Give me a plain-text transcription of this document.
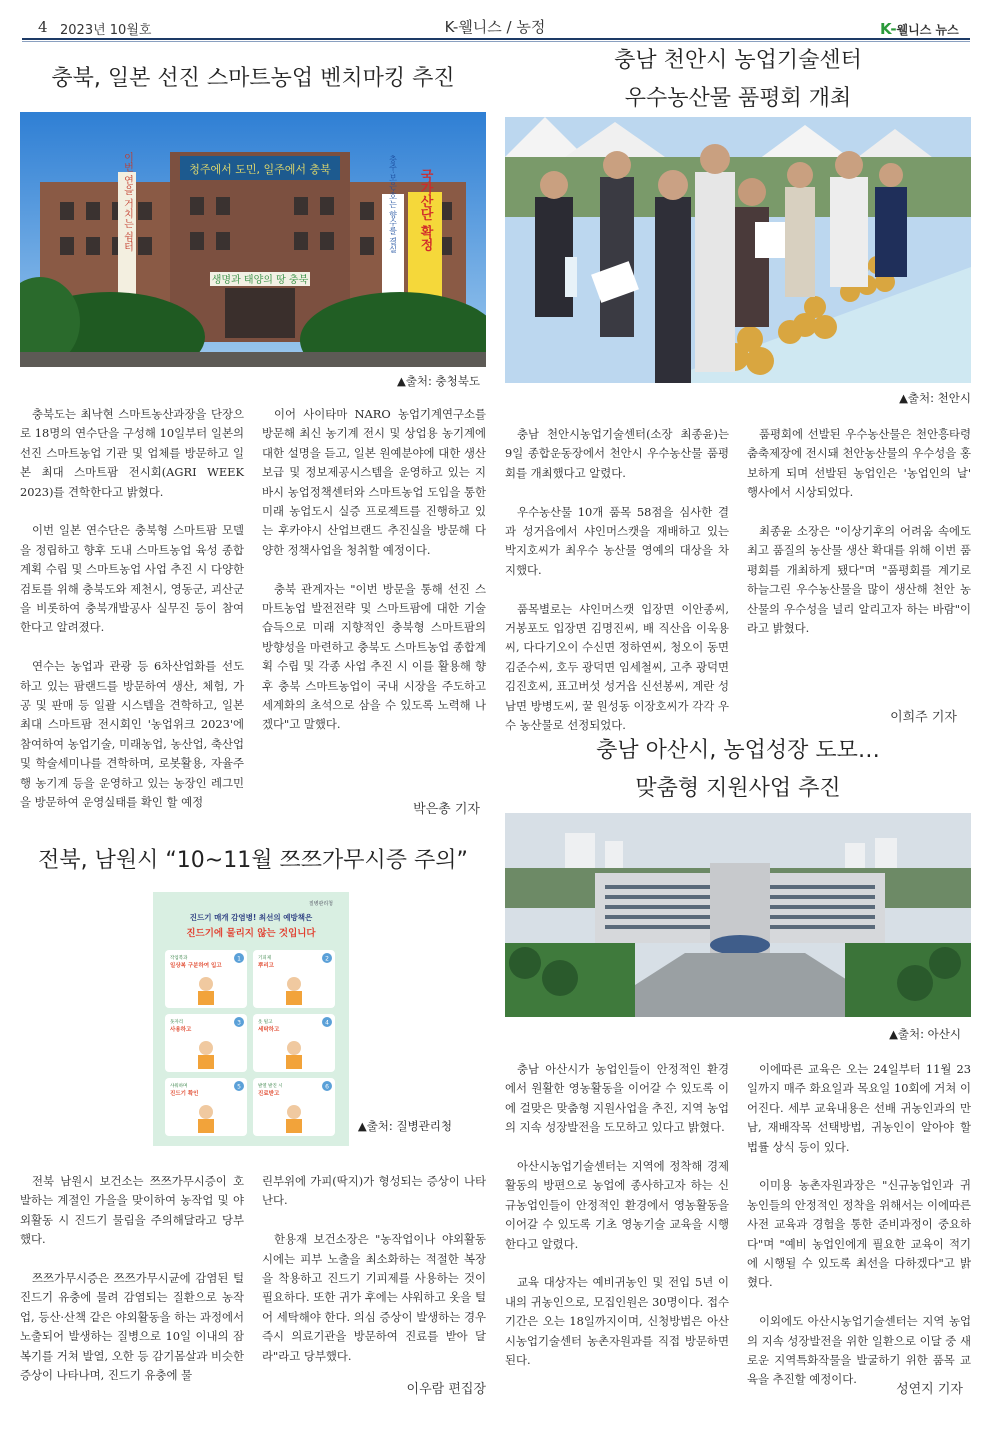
4 2023년 10월호	K-웰니스 / 농정	K-웰니스 뉴스
충북, 일본 선진 스마트농업 벤치마킹 추진
청주에서 도민, 일주에서 충북
이번 연을 거치는 쉼터	충주·보은·호는 향수를 결실 국가산단 확정
생명과 태양의 땅 충북
▲출처: 충청북도

충북도는 최낙현 스마트농산과장을 단장으로 18명의 연수단을 구성해 10일부터 일본의 선진 스마트농업 기관 및 업체를 방문하고 일본 최대 스마트팜 전시회(AGRI WEEK 2023)를 견학한다고 밝혔다.

이번 일본 연수단은 충북형 스마트팜 모델을 정립하고 향후 도내 스마트농업 육성 종합계획 수립 및 스마트농업 사업 추진 시 다양한 검토를 위해 충북도와 제천시, 영동군, 괴산군을 비롯하여 충북개발공사 실무진 등이 참여한다고 알려졌다.

연수는 농업과 관광 등 6차산업화를 선도하고 있는 팜랜드를 방문하여 생산, 체험, 가공 및 판매 등 일괄 시스템을 견학하고, 일본 최대 스마트팜 전시회인 '농업위크 2023'에 참여하여 농업기술, 미래농업, 농산업, 축산업 및 학술세미나를 견학하며, 로봇활용, 자율주행 농기계 등을 운영하고 있는 농장인 레그민을 방문하여 운영실태를 확인 할 예정

이어 사이타마 NARO 농업기계연구소를 방문해 최신 농기계 전시 및 상업용 농기계에 대한 설명을 듣고, 일본 원예분야에 대한 생산보급 및 정보제공시스템을 운영하고 있는 지바시 농업정책센터와 스마트농업 도입을 통한 미래 농업도시 실증 프로젝트를 진행하고 있는 후카야시 산업브랜드 추진실을 방문해 다양한 정책사업을 청취할 예정이다.

충북 관계자는 "이번 방문을 통해 선진 스마트농업 발전전략 및 스마트팜에 대한 기술 습득으로 미래 지향적인 충북형 스마트팜의 방향성을 마련하고 충북도 스마트농업 종합계획 수립 및 각종 사업 추진 시 이를 활용해 향후 충북 스마트농업이 국내 시장을 주도하고 세계화의 초석으로 삼을 수 있도록 노력해 나겠다"고 말했다.

박은총 기자
충남 천안시 농업기술센터
우수농산물 품평회 개최
▲출처: 천안시

충남 천안시농업기술센터(소장 최종윤)는 9일 종합운동장에서 천안시 우수농산물 품평회를 개최했다고 알렸다.

우수농산물 10개 품목 58점을 심사한 결과 성거읍에서 샤인머스캣을 재배하고 있는 박지호씨가 최우수 농산물 영예의 대상을 차지했다.

품목별로는 샤인머스캣 입장면 이안종씨, 거봉포도 입장면 김명진씨, 배 직산읍 이욱용씨, 다다기오이 수신면 정하연씨, 청오이 동면 김준수씨, 호두 광덕면 임세철씨, 고추 광덕면 김진호씨, 표고버섯 성거읍 신선봉씨, 계란 성남면 방병도씨, 꿀 원성동 이장호씨가 각각 우수 농산물로 선정되었다.

품평회에 선발된 우수농산물은 천안흥타령춤축제장에 전시돼 천안농산물의 우수성을 홍보하게 되며 선발된 농업인은 '농업인의 날' 행사에서 시상되었다.

최종윤 소장은 "이상기후의 어려움 속에도 최고 품질의 농산물 생산 확대를 위해 이번 품평회를 개최하게 됐다"며 "품평회를 계기로 하늘그린 우수농산물을 많이 생산해 천안 농산물의 우수성을 널리 알리고자 하는 바람"이라고 밝혔다.

이희주 기자
전북, 남원시 “10~11월 쯔쯔가무시증 주의”
질병관리청
진드기 매개 감염병! 최선의 예방책은
진드기에 물리지 않는 것입니다
1
작업복과
일상복 구분하여 입고
2
기피제
뿌리고
3
돗자리
사용하고
4
옷 털고
세탁하고
5
샤워하며
진드기 확인
6
발열 발진 시
진료받고
▲출처: 질병관리청

전북 남원시 보건소는 쯔쯔가무시증이 호발하는 계절인 가을을 맞이하여 농작업 및 야외활동 시 진드기 물림을 주의해달라고 당부했다.

쯔쯔가무시증은 쯔쯔가무시균에 감염된 털진드기 유충에 물려 감염되는 질환으로 농작업, 등산·산책 같은 야외활동을 하는 과정에서 노출되어 발생하는 질병으로 10일 이내의 잠복기를 거쳐 발열, 오한 등 감기몸살과 비슷한 증상이 나타나며, 진드기 유충에 물

린부위에 가피(딱지)가 형성되는 증상이 나타난다.

한용재 보건소장은 "농작업이나 야외활동 시에는 피부 노출을 최소화하는 적절한 복장을 착용하고 진드기 기피제를 사용하는 것이 필요하다. 또한 귀가 후에는 샤워하고 옷을 털어 세탁해야 한다. 의심 증상이 발생하는 경우 즉시 의료기관을 방문하여 진료를 받아 달라"라고 당부했다.

이우람 편집장
충남 아산시, 농업성장 도모…
맞춤형 지원사업 추진
▲출처: 아산시

충남 아산시가 농업인들이 안정적인 환경에서 원활한 영농활동을 이어갈 수 있도록 이에 걸맞은 맞춤형 지원사업을 추진, 지역 농업의 지속 성장발전을 도모하고 있다고 밝혔다.

아산시농업기술센터는 지역에 정착해 경제활동의 방편으로 농업에 종사하고자 하는 신규농업인들이 안정적인 환경에서 영농활동을 이어갈 수 있도록 기초 영농기술 교육을 시행한다고 알렸다.

교육 대상자는 예비귀농인 및 전입 5년 이내의 귀농인으로, 모집인원은 30명이다. 접수기간은 오는 18일까지이며, 신청방법은 아산시농업기술센터 농촌자원과를 직접 방문하면 된다.

이에따른 교육은 오는 24일부터 11월 23일까지 매주 화요일과 목요일 10회에 거쳐 이어진다. 세부 교육내용은 선배 귀농인과의 만남, 재배작목 선택방법, 귀농인이 알아야 할 법률 상식 등이 있다.

이미용 농촌자원과장은 "신규농업인과 귀농인들의 안정적인 정착을 위해서는 이에따른 사전 교육과 경험을 통한 준비과정이 중요하다"며 "예비 농업인에게 필요한 교육이 적기에 시행될 수 있도록 최선을 다하겠다"고 밝혔다.

이외에도 아산시농업기술센터는 지역 농업의 지속 성장발전을 위한 일환으로 이달 중 새로운 지역특화작물을 발굴하기 위한 품목 교육을 추진할 예정이다.

성연지 기자
